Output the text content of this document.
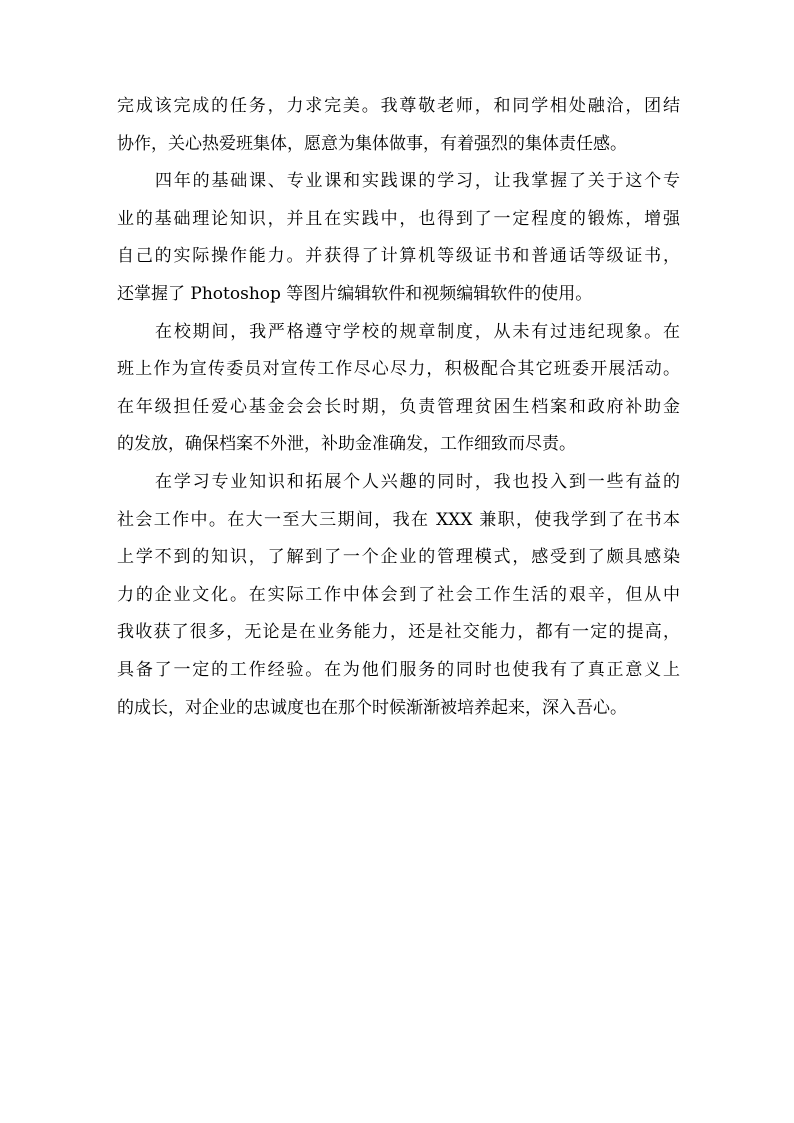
完成该完成的任务，力求完美。我尊敬老师，和同学相处融洽，团结
协作，关心热爱班集体，愿意为集体做事，有着强烈的集体责任感。
四年的基础课、专业课和实践课的学习，让我掌握了关于这个专
业的基础理论知识，并且在实践中，也得到了一定程度的锻炼，增强
自己的实际操作能力。并获得了计算机等级证书和普通话等级证书，
还掌握了 Photoshop 等图片编辑软件和视频编辑软件的使用。
在校期间，我严格遵守学校的规章制度，从未有过违纪现象。在
班上作为宣传委员对宣传工作尽心尽力，积极配合其它班委开展活动。
在年级担任爱心基金会会长时期，负责管理贫困生档案和政府补助金
的发放，确保档案不外泄，补助金准确发，工作细致而尽责。
在学习专业知识和拓展个人兴趣的同时，我也投入到一些有益的
社会工作中。在大一至大三期间，我在 XXX 兼职，使我学到了在书本
上学不到的知识，了解到了一个企业的管理模式，感受到了颇具感染
力的企业文化。在实际工作中体会到了社会工作生活的艰辛，但从中
我收获了很多，无论是在业务能力，还是社交能力，都有一定的提高，
具备了一定的工作经验。在为他们服务的同时也使我有了真正意义上
的成长，对企业的忠诚度也在那个时候渐渐被培养起来，深入吾心。
